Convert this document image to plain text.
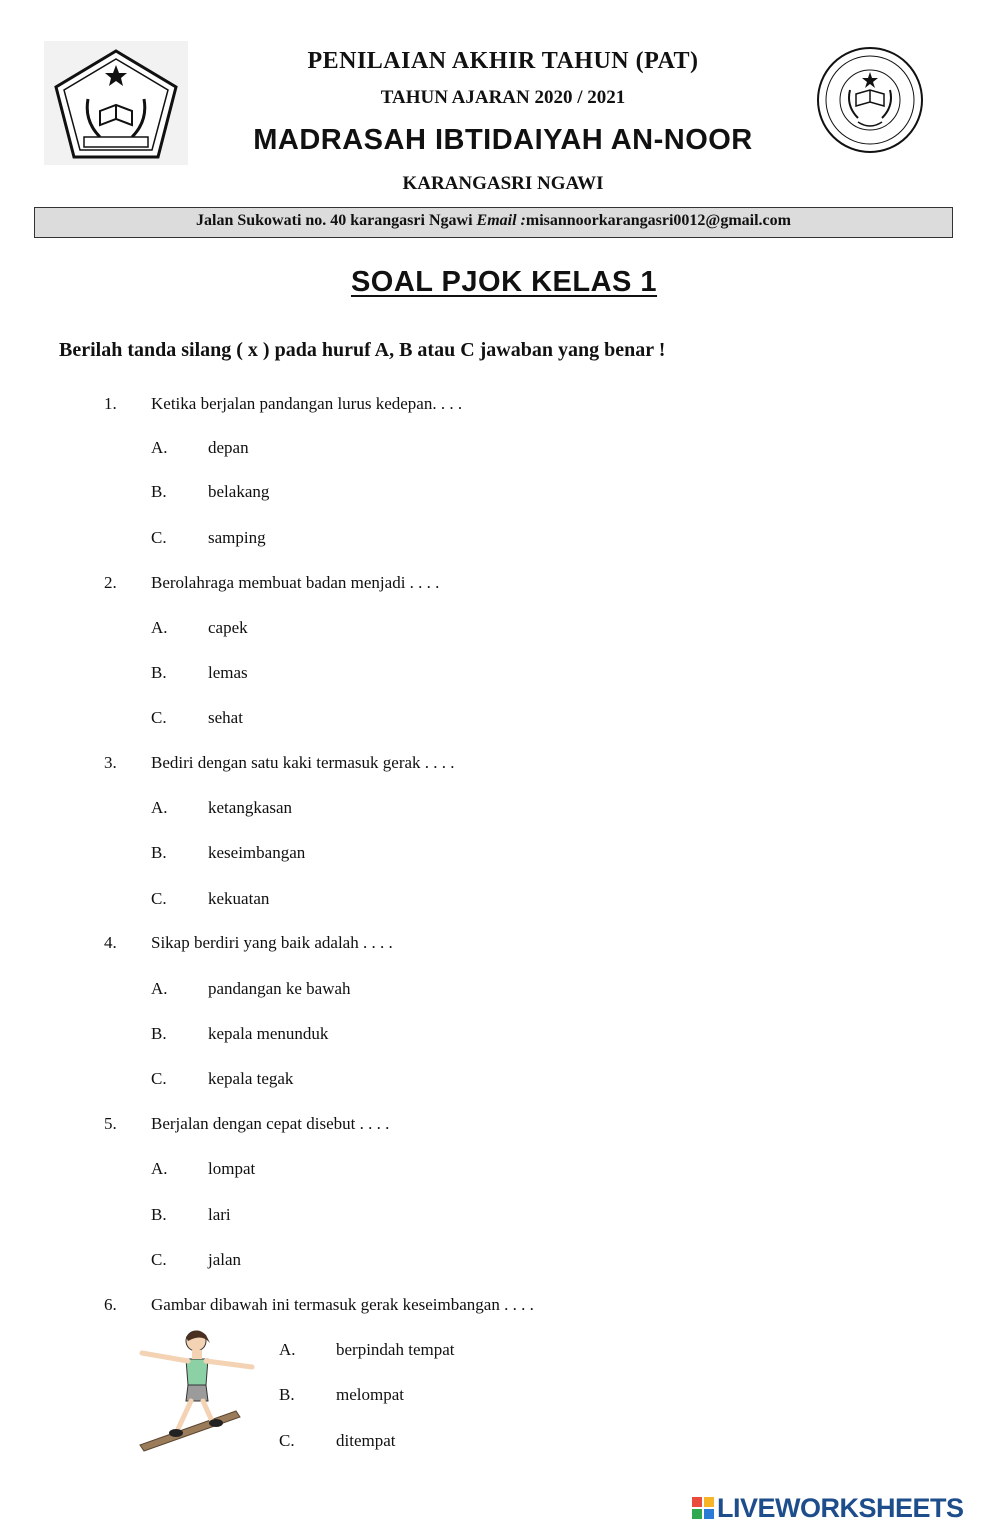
PENILAIAN AKHIR TAHUN (PAT)
TAHUN AJARAN 2020 / 2021
MADRASAH IBTIDAIYAH AN-NOOR
KARANGASRI NGAWI
Jalan Sukowati no. 40 karangasri Ngawi Email :misannoorkarangasri0012@gmail.com
SOAL PJOK KELAS 1
Berilah tanda silang ( x ) pada huruf A, B atau C jawaban yang benar !
1. Ketika berjalan pandangan lurus kedepan. . . .
A. depan
B. belakang
C. samping
2. Berolahraga membuat badan menjadi . . . .
A. capek
B. lemas
C. sehat
3. Bediri dengan satu kaki termasuk gerak . . . .
A. ketangkasan
B. keseimbangan
C. kekuatan
4. Sikap berdiri yang baik adalah . . . .
A. pandangan ke bawah
B. kepala menunduk
C. kepala tegak
5. Berjalan dengan cepat disebut . . . .
A. lompat
B. lari
C. jalan
6. Gambar dibawah ini termasuk gerak keseimbangan . . . .
A. berpindah tempat
B. melompat
C. ditempat
LIVEWORKSHEETS
